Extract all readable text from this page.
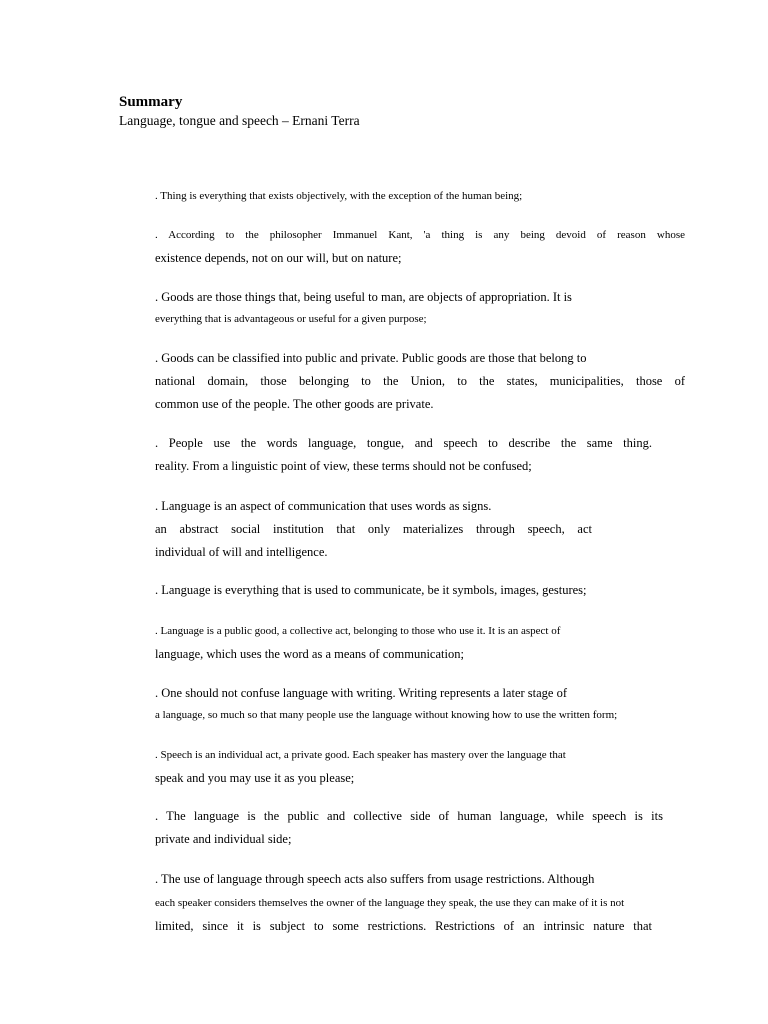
Summary

Language, tongue and speech – Ernani Terra

. Thing is everything that exists objectively, with the exception of the human being;

. According to the philosopher Immanuel Kant, 'a thing is any being devoid of reason whose
existence depends, not on our will, but on nature;

. Goods are those things that, being useful to man, are objects of appropriation. It is
everything that is advantageous or useful for a given purpose;

. Goods can be classified into public and private. Public goods are those that belong to
national domain, those belonging to the Union, to the states, municipalities, those of
common use of the people. The other goods are private.

. People use the words language, tongue, and speech to describe the same thing.
reality. From a linguistic point of view, these terms should not be confused;

. Language is an aspect of communication that uses words as signs.
an abstract social institution that only materializes through speech, act
individual of will and intelligence.

. Language is everything that is used to communicate, be it symbols, images, gestures;

. Language is a public good, a collective act, belonging to those who use it. It is an aspect of
language, which uses the word as a means of communication;

. One should not confuse language with writing. Writing represents a later stage of
a language, so much so that many people use the language without knowing how to use the written form;

. Speech is an individual act, a private good. Each speaker has mastery over the language that
speak and you may use it as you please;

. The language is the public and collective side of human language, while speech is its
private and individual side;

. The use of language through speech acts also suffers from usage restrictions. Although
each speaker considers themselves the owner of the language they speak, the use they can make of it is not
limited, since it is subject to some restrictions. Restrictions of an intrinsic nature that
